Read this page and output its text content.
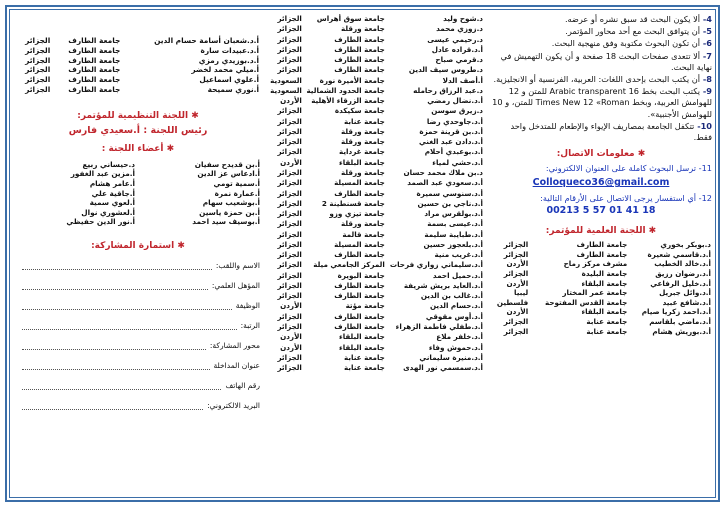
4- ألا يكون البحث قد سبق نشره أو عرضه.
5- أن يتوافق البحث مع أحد محاور المؤتمر.
6- أن تكون البحوث مكتوبة وفق منهجية البحث.
7- ألا تتعدى صفحات البحث 18 صفحة و أن يكون التهميش في نهاية البحث.
8- أن يكتب البحث بإحدى اللغات: العربية، الفرنسية أو الانجليزية.
9- يكتب البحث بخط Arabic transparent 16 للمتن و 12 للهوامش العربية، وبخط Times New 12 «Roman للمتن، و 10 للهوامش الأجنبية».
10- تتكفل الجامعة بمصاريف الإيواء والإطعام للمتدخل واحد فقط.
✱ معلومات الاتصال:
11- ترسل البحوث كاملة على العنوان الالكتروني:
Colloqueco36@gmail.com
12- أي استفسار يرجى الاتصال على الأرقام التالية:
00213 5 57 01 41 18
✱ اللجنة العلمية للمؤتمر:
د.بوبكر بخوري	جامعة الطارف	الجزائر
أ.د.قاسمي شعيرة	جامعة الطارف	الجزائر
أ.د.خالد الخطيب	مشرف مركز رماح	الأردن
أ.د.رضوان رزيق	جامعة البليدة	الجزائر
أ.د.خليل الرفاعي	جامعة البلقاء	الأردن
أ.د.وائل جبريل	جامعة عمر المختار	ليبيا
أ.د.شافع عبيد	جامعة القدس المفتوحة	فلسطين
أ.د.احمد زكريا صيام	جامعة البلقاء	الأردن
أ.د.ماضي بلقاسم	جامعة عنابة	الجزائر
أ.د.بوريش هشام	جامعة عنابة	الجزائر
د.شوح وليد	جامعة سوق أهراس	الجزائر
د.زوزي محمد	جامعة ورقلة	الجزائر
د.رحيمي عيسى	جامعة الطارف	الجزائر
أ.د.قراده عادل	جامعة الطارف	الجزائر
د.قرمي صباح	جامعة الطارف	الجزائر
د.طروس سيف الدين	جامعة الطارف	الجزائر
أ.أصف الدلا	جامعة الأميرة نورة	السعودية
د.عبد الرزاق رحامله	جامعة الحدود الشمالية	السعودية
أ.د.نضال رمضي	جامعة الزرقاء الأهلية	الأردن
د.زيرق سوسن	جامعة سكيكدة	الجزائر
أ.د.جاوحدي رضا	جامعة عنابة	الجزائر
أ.د.بن قرينة حمزة	جامعة ورقلة	الجزائر
أ.د.دادن عبد الغني	جامعة ورقلة	الجزائر
أ.د.بوعبدي أحلام	جامعة غرداية	الجزائر
أ.د.حشي لمياء	جامعة البلقاء	الأردن
د.بن ملاك محمد حسان	جامعة ورقلة	الجزائر
أ.د.سعودي عبد الصمد	جامعة المسيلة	الجزائر
أ.د.سنوسي سميرة	جامعة الطارف	الجزائر
أ.د.ناجي بن حسين	جامعة قسنطينة 2	الجزائر
أ.د.بولقرس مراد	جامعة تيزي وزو	الجزائر
أ.د.عيسى بسمة	جامعة ورقلة	الجزائر
أ.د.طبايبة سليمة	جامعة قالمة	الجزائر
أ.د.بلعجوز حسين	جامعة المسيلة	الجزائر
أ.د.غريب منية	جامعة الطارف	الجزائر
أ.د.سليماني زواري فرحات	المركز الجامعي ميلة	الجزائر
أ.د.حميل احمد	جامعة البويرة	الجزائر
أ.د.العايد بريش شريفة	جامعة الطارف	الجزائر
أ.د.غالب بن الدين	جامعة الطارف	الجزائر
أ.د.حسام الدين	جامعة مؤتة	الأردن
أ.د.أوس مقوقي	جامعة الطارف	الجزائر
أ.د.طفلي فاطمة الزهراء	جامعة الطارف	الجزائر
أ.د.خلفر ملاع	جامعة البلقاء	الأردن
أ.د.حموش وفاء	جامعة البلقاء	الأردن
أ.د.منيرة سليماني	جامعة عنابة	الجزائر
أ.د.سمسمي نور الهدى	جامعة عنابة	الجزائر
أ.د.شعبان أسامة حسام الدين	جامعة الطارف	الجزائر
أ.د.عبيدات سارة	جامعة الطارف	الجزائر
أ.د.بوزيدي رمزي	جامعة الطارف	الجزائر
أ.ميلي محمد لخضر	جامعة الطارف	الجزائر
أ.علوي اسماعيل	جامعة الطارف	الجزائر
أ.نوري سميحة	جامعة الطارف	الجزائر
✱ اللجنة التنظيمية للمؤتمر:
رئيس اللجنة : أ.سعيدي فارس
✱ أعضاء اللجنة :
أ.بن قديدح سفيان
د.حيساني ربيع
أ.ادعاس عز الدين
أ.مزين عبد الغفور
أ.سمية تومي
أ.عامر هشام
أ.عمارة نمرة
أ.جاقية علي
أ.بوشعيب سهام
أ.لعوي سمية
أ.بن حمزة ياسين
أ.لعشوري نوال
أ.بوسيف سيد احمد
أ.نور الدين حفيظي
✱ استمارة المشاركة:
الاسم واللقب:
المؤهل العلمي:
الوظيفة
الرتبة:
محور المشاركة:
عنوان المداخلة
رقم الهاتف
البريد الالكتروني:
